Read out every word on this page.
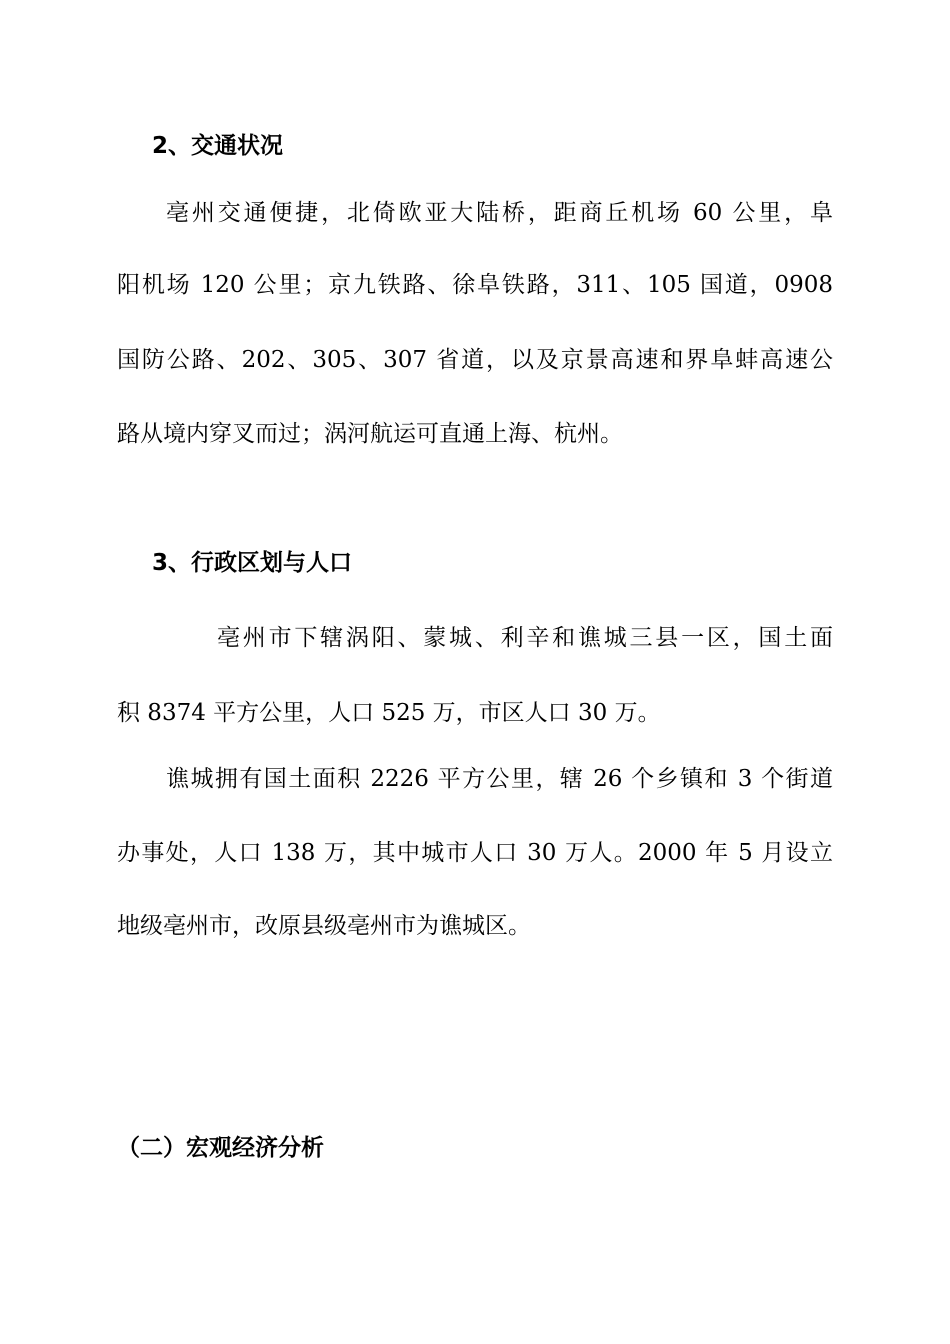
2、交通状况
亳州交通便捷，北倚欧亚大陆桥，距商丘机场 60 公里，阜
阳机场 120 公里；京九铁路、徐阜铁路，311、105 国道，0908
国防公路、202、305、307 省道，以及京景高速和界阜蚌高速公
路从境内穿叉而过；涡河航运可直通上海、杭州。
3、行政区划与人口
亳州市下辖涡阳、蒙城、利辛和谯城三县一区，国土面
积 8374 平方公里，人口 525 万，市区人口 30 万。
谯城拥有国土面积 2226 平方公里，辖 26 个乡镇和 3 个街道
办事处，人口 138 万，其中城市人口 30 万人。2000 年 5 月设立
地级亳州市，改原县级亳州市为谯城区。
（二）宏观经济分析
